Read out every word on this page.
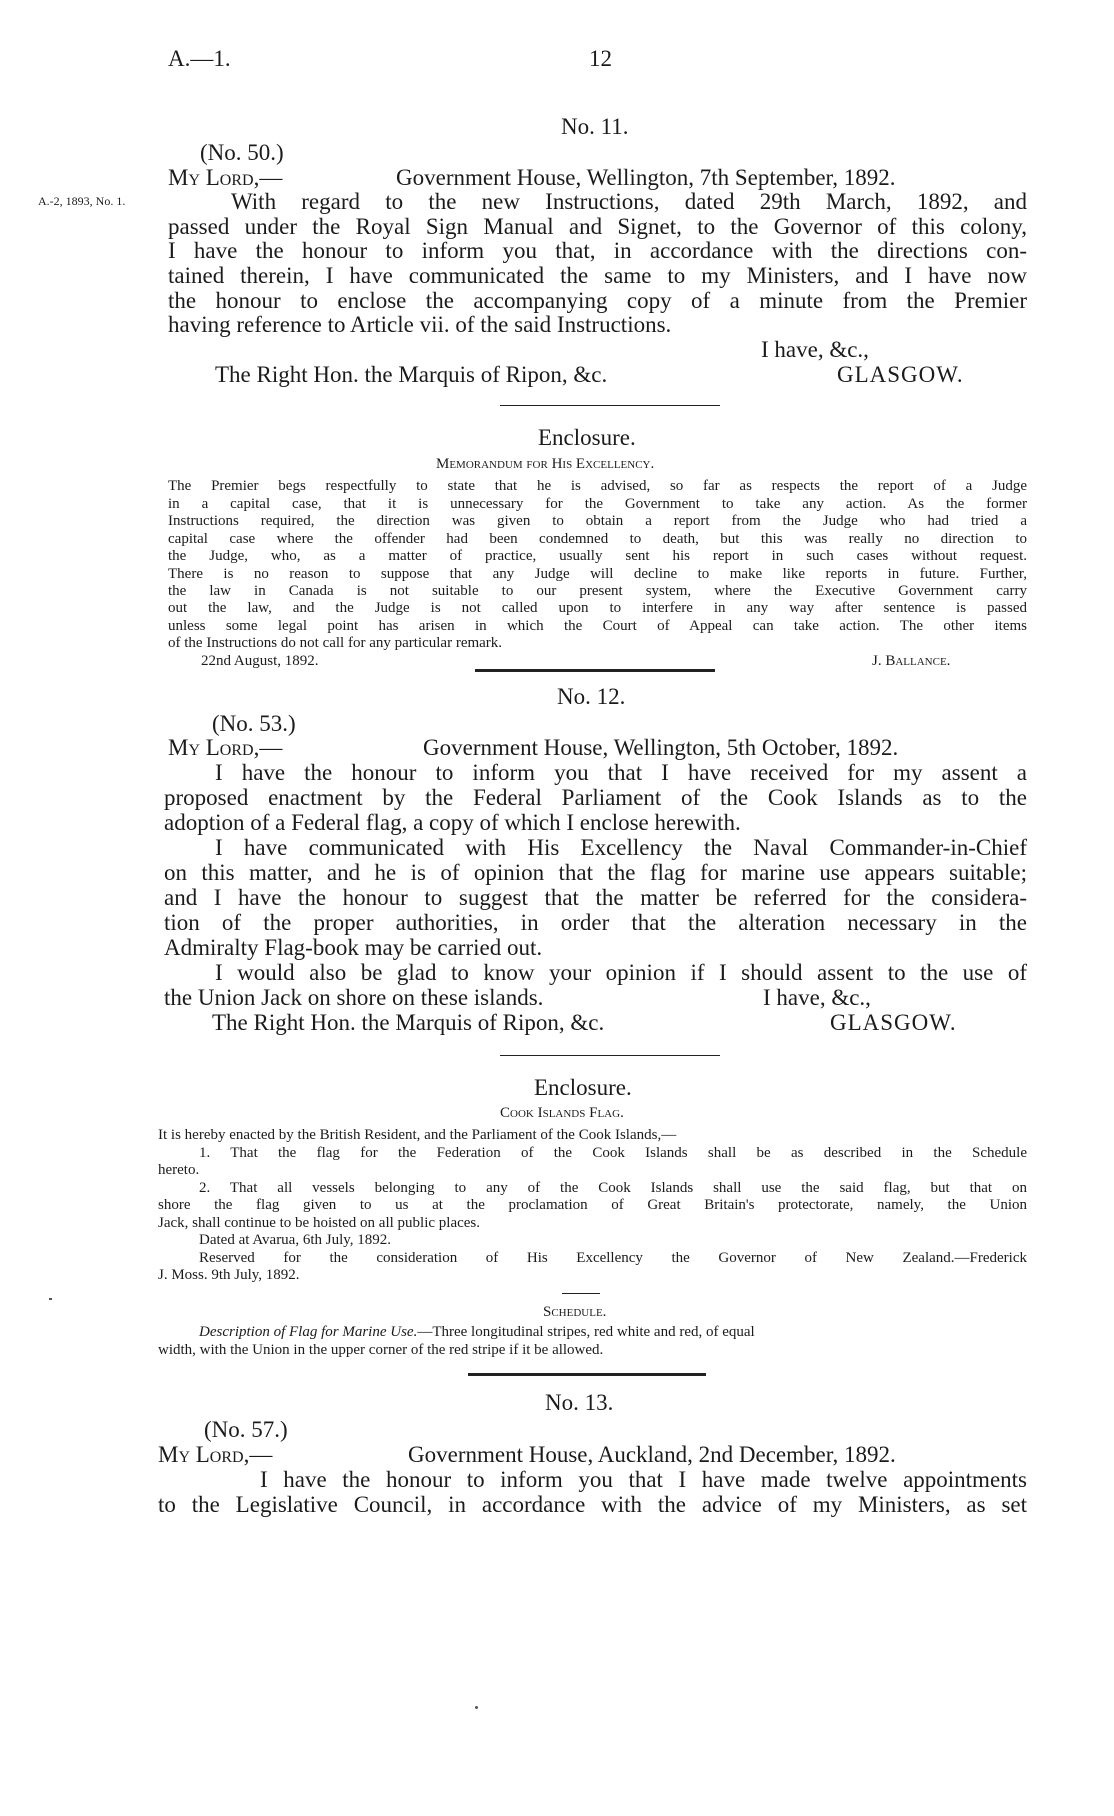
A.—1.	12
No. 11.
(No. 50.)
My Lord,—	Government House, Wellington, 7th September, 1892.
A.-2, 1893, No. 1.	With regard to the new Instructions, dated 29th March, 1892, and
passed under the Royal Sign Manual and Signet, to the Governor of this colony,
I have the honour to inform you that, in accordance with the directions con-
tained therein, I have communicated the same to my Ministers, and I have now
the honour to enclose the accompanying copy of a minute from the Premier
having reference to Article vii. of the said Instructions.
I have, &c.,
The Right Hon. the Marquis of Ripon, &c.	GLASGOW.
Enclosure.
Memorandum for His Excellency.
The Premier begs respectfully to state that he is advised, so far as respects the report of a Judge
in a capital case, that it is unnecessary for the Government to take any action. As the former
Instructions required, the direction was given to obtain a report from the Judge who had tried a
capital case where the offender had been condemned to death, but this was really no direction to
the Judge, who, as a matter of practice, usually sent his report in such cases without request.
There is no reason to suppose that any Judge will decline to make like reports in future. Further,
the law in Canada is not suitable to our present system, where the Executive Government carry
out the law, and the Judge is not called upon to interfere in any way after sentence is passed
unless some legal point has arisen in which the Court of Appeal can take action. The other items
of the Instructions do not call for any particular remark.
22nd August, 1892.	J. Ballance.
No. 12.
(No. 53.)
My Lord,—	Government House, Wellington, 5th October, 1892.
I have the honour to inform you that I have received for my assent a
proposed enactment by the Federal Parliament of the Cook Islands as to the
adoption of a Federal flag, a copy of which I enclose herewith.
I have communicated with His Excellency the Naval Commander-in-Chief
on this matter, and he is of opinion that the flag for marine use appears suitable;
and I have the honour to suggest that the matter be referred for the considera-
tion of the proper authorities, in order that the alteration necessary in the
Admiralty Flag-book may be carried out.
I would also be glad to know your opinion if I should assent to the use of
the Union Jack on shore on these islands.	I have, &c.,
The Right Hon. the Marquis of Ripon, &c.	GLASGOW.
Enclosure.
Cook Islands Flag.
It is hereby enacted by the British Resident, and the Parliament of the Cook Islands,—
1. That the flag for the Federation of the Cook Islands shall be as described in the Schedule
hereto.
2. That all vessels belonging to any of the Cook Islands shall use the said flag, but that on
shore the flag given to us at the proclamation of Great Britain's protectorate, namely, the Union
Jack, shall continue to be hoisted on all public places.
Dated at Avarua, 6th July, 1892.
Reserved for the consideration of His Excellency the Governor of New Zealand.—Frederick
J. Moss. 9th July, 1892.
Schedule.
Description of Flag for Marine Use.—Three longitudinal stripes, red white and red, of equal
width, with the Union in the upper corner of the red stripe if it be allowed.
No. 13.
(No. 57.)
My Lord,—	Government House, Auckland, 2nd December, 1892.
I have the honour to inform you that I have made twelve appointments
to the Legislative Council, in accordance with the advice of my Ministers, as set
